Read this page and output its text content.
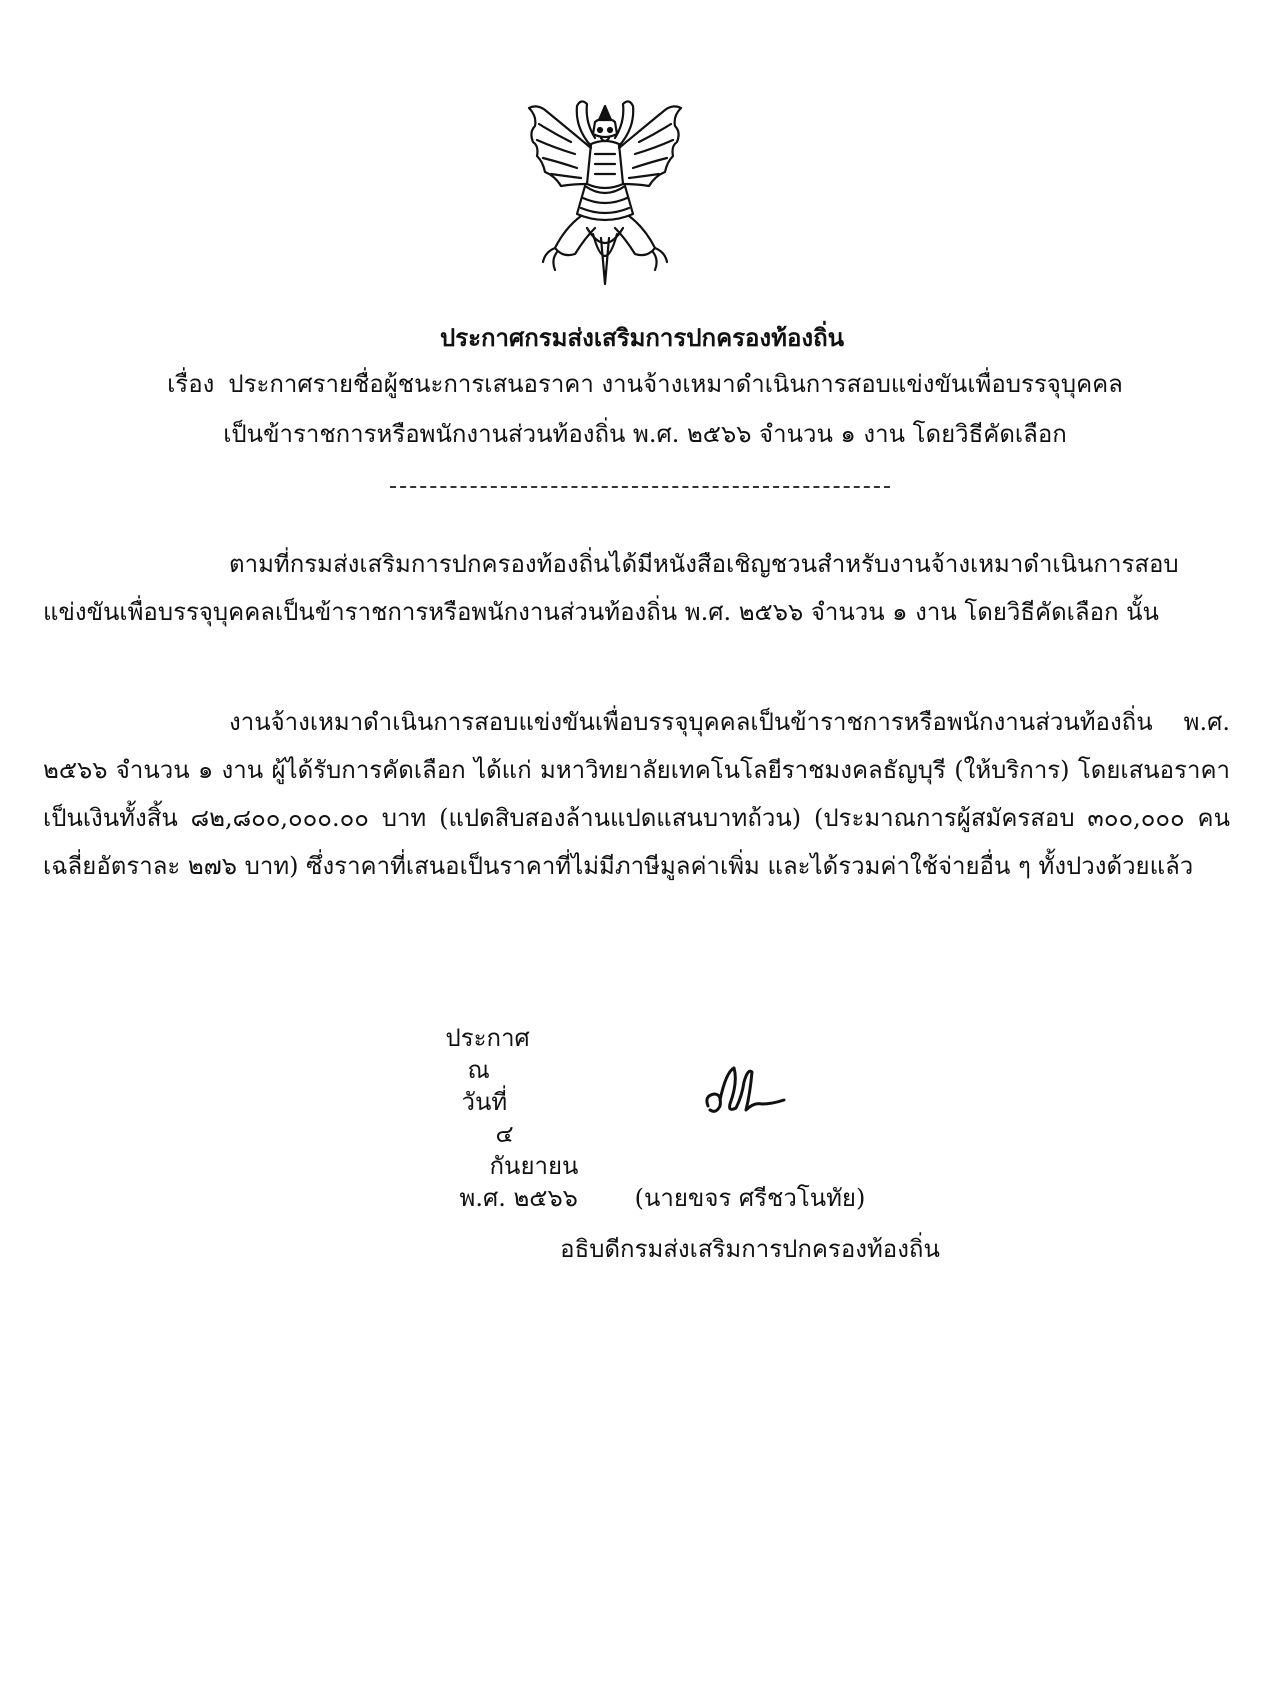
ประกาศกรมส่งเสริมการปกครองท้องถิ่น
เรื่อง ประกาศรายชื่อผู้ชนะการเสนอราคา งานจ้างเหมาดำเนินการสอบแข่งขันเพื่อบรรจุบุคคล
เป็นข้าราชการหรือพนักงานส่วนท้องถิ่น พ.ศ. ๒๕๖๖ จำนวน ๑ งาน โดยวิธีคัดเลือก

ตามที่กรมส่งเสริมการปกครองท้องถิ่นได้มีหนังสือเชิญชวนสำหรับงานจ้างเหมาดำเนินการสอบแข่งขันเพื่อบรรจุบุคคลเป็นข้าราชการหรือพนักงานส่วนท้องถิ่น พ.ศ. ๒๕๖๖ จำนวน ๑ งาน โดยวิธีคัดเลือก นั้น

งานจ้างเหมาดำเนินการสอบแข่งขันเพื่อบรรจุบุคคลเป็นข้าราชการหรือพนักงานส่วนท้องถิ่น พ.ศ. ๒๕๖๖ จำนวน ๑ งาน ผู้ได้รับการคัดเลือก ได้แก่ มหาวิทยาลัยเทคโนโลยีราชมงคลธัญบุรี (ให้บริการ) โดยเสนอราคา เป็นเงินทั้งสิ้น ๘๒,๘๐๐,๐๐๐.๐๐ บาท (แปดสิบสองล้านแปดแสนบาทถ้วน) (ประมาณการผู้สมัครสอบ ๓๐๐,๐๐๐ คน เฉลี่ยอัตราละ ๒๗๖ บาท) ซึ่งราคาที่เสนอเป็นราคาที่ไม่มีภาษีมูลค่าเพิ่ม และได้รวมค่าใช้จ่ายอื่น ๆ ทั้งปวงด้วยแล้ว

ประกาศ
ณ
วันที่
๔
กันยายน
พ.ศ. ๒๕๖๖
	(นายขจร ศรีชวโนทัย)
อธิบดีกรมส่งเสริมการปกครองท้องถิ่น
